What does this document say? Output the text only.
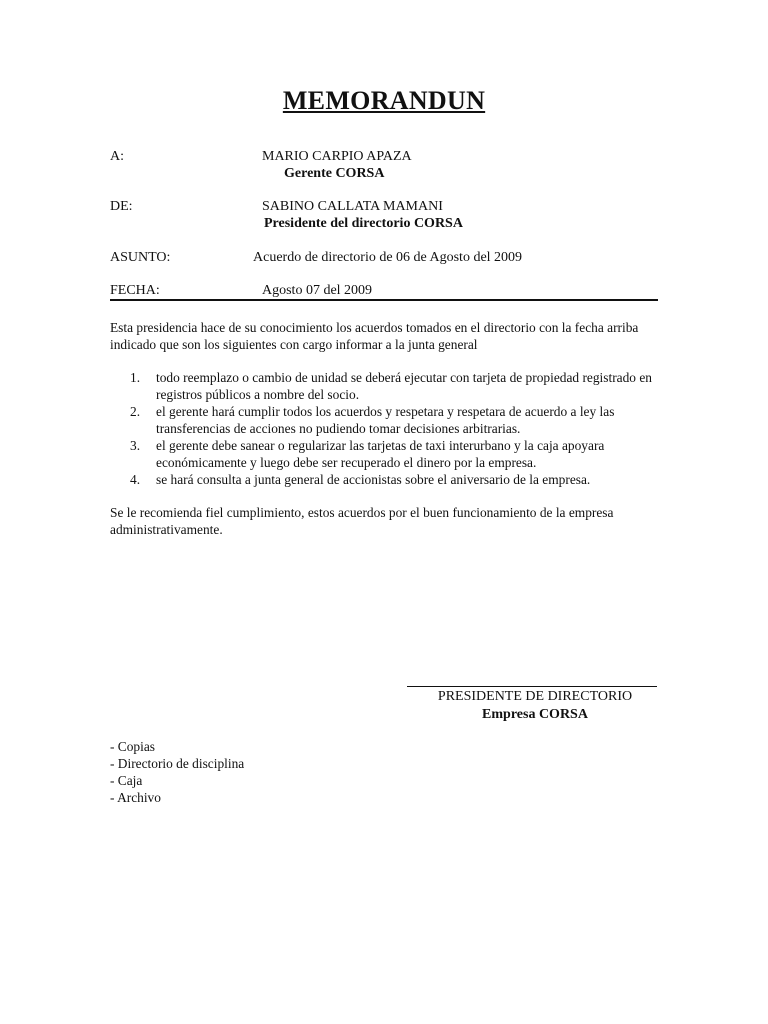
MEMORANDUN
A:	MARIO CARPIO APAZA
Gerente CORSA
DE:	SABINO CALLATA MAMANI
Presidente del directorio CORSA
ASUNTO:	Acuerdo de directorio de 06 de Agosto del 2009
FECHA:	Agosto 07 del 2009
Esta presidencia hace de su conocimiento los acuerdos tomados en el directorio con la fecha arriba indicado que son los siguientes con cargo informar a la junta general
1. todo reemplazo o cambio de unidad se deberá ejecutar con tarjeta de propiedad registrado en registros públicos a nombre del socio.
2. el gerente hará cumplir todos los acuerdos y respetara y respetara de acuerdo a ley las transferencias de acciones no pudiendo tomar decisiones arbitrarias.
3. el gerente debe sanear o regularizar las tarjetas de taxi interurbano y la caja apoyara económicamente y luego debe ser recuperado el dinero por la empresa.
4. se hará consulta a junta general de accionistas sobre el aniversario de la empresa.
Se le recomienda fiel cumplimiento, estos acuerdos por el buen funcionamiento de la empresa administrativamente.
PRESIDENTE DE DIRECTORIO
Empresa CORSA
- Copias
- Directorio de disciplina
- Caja
- Archivo
